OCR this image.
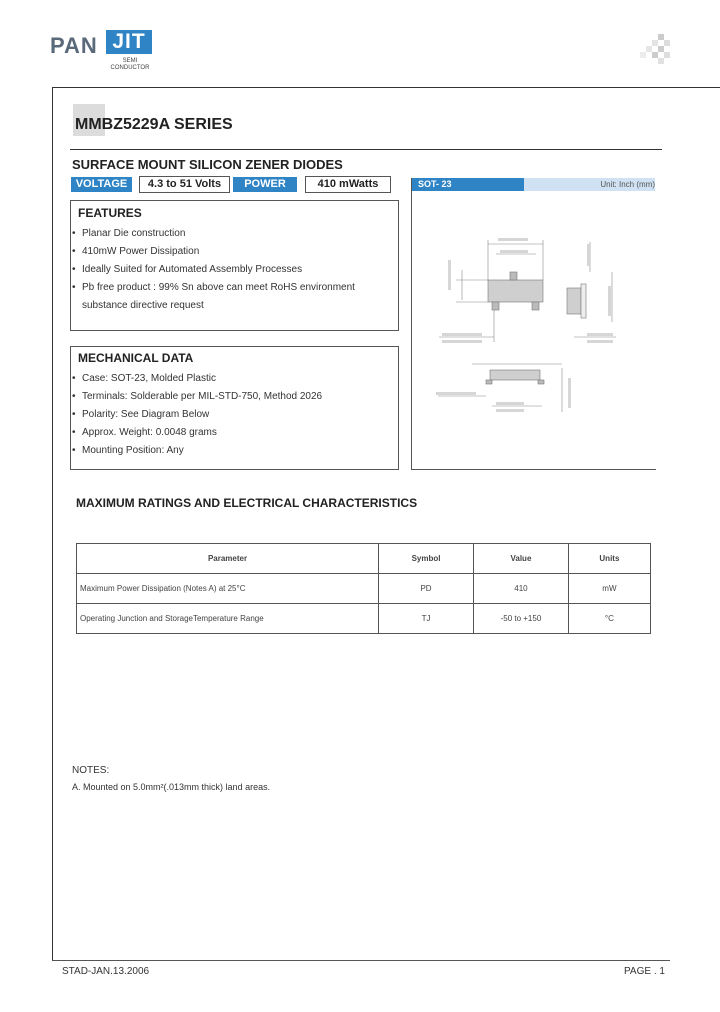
PAN JIT
SEMI
CONDUCTOR
MMBZ5229A SERIES
SURFACE MOUNT SILICON ZENER DIODES
VOLTAGE	4.3 to 51 Volts	POWER	410 mWatts
FEATURES
• Planar Die construction
• 410mW Power Dissipation
• Ideally Suited for Automated Assembly Processes
• Pb free product : 99% Sn above can meet RoHS environment
substance directive request
MECHANICAL DATA
• Case: SOT-23, Molded Plastic
• Terminals: Solderable per MIL-STD-750, Method 2026
• Polarity: See Diagram Below
• Approx. Weight: 0.0048 grams
• Mounting Position: Any
SOT- 23	Unit: Inch (mm)
MAXIMUM RATINGS AND ELECTRICAL CHARACTERISTICS
Parameter	Symbol	Value	Units
Maximum Power Dissipation (Notes A) at 25°C	PD	410	mW
Operating Junction and StorageTemperature Range	TJ	-50 to +150	°C
NOTES:
A. Mounted on 5.0mm²(.013mm thick) land areas.
STAD-JAN.13.2006	PAGE . 1
